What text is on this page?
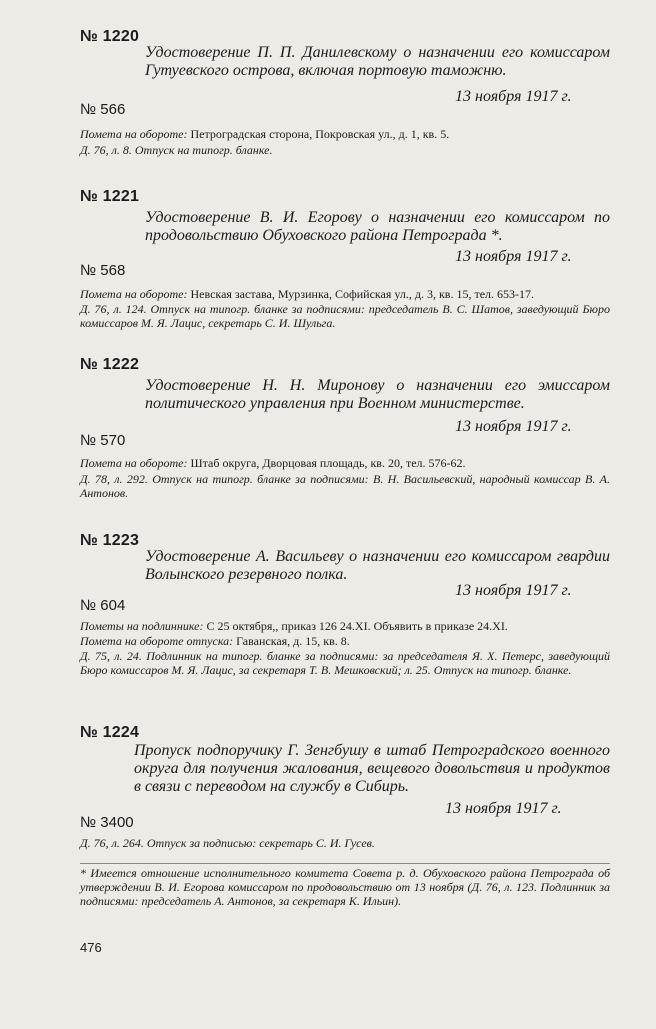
№ 1220
Удостоверение П. П. Данилевскому о назначении его комиссаром Гутуевского острова, включая портовую таможню.
13 ноября 1917 г.
№ 566
Помета на обороте: Петроградская сторона, Покровская ул., д. 1, кв. 5.
Д. 76, л. 8. Отпуск на типогр. бланке.
№ 1221
Удостоверение В. И. Егорову о назначении его комиссаром по продовольствию Обуховского района Петрограда *.
13 ноября 1917 г.
№ 568
Помета на обороте: Невская застава, Мурзинка, Софийская ул., д. 3, кв. 15, тел. 653-17.
Д. 76, л. 124. Отпуск на типогр. бланке за подписями: председатель В. С. Шатов, заведующий Бюро комиссаров М. Я. Лацис, секретарь С. И. Шульга.
№ 1222
Удостоверение Н. Н. Миронову о назначении его эмиссаром политического управления при Военном министерстве.
13 ноября 1917 г.
№ 570
Помета на обороте: Штаб округа, Дворцовая площадь, кв. 20, тел. 576-62.
Д. 78, л. 292. Отпуск на типогр. бланке за подписями: В. Н. Васильевский, народный комиссар В. А. Антонов.
№ 1223
Удостоверение А. Васильеву о назначении его комиссаром гвардии Волынского резервного полка.
13 ноября 1917 г.
№ 604
Пометы на подлиннике: С 25 октября,, приказ 126 24.XI. Объявить в приказе 24.XI.
Помета на обороте отпуска: Гаванская, д. 15, кв. 8.
Д. 75, л. 24. Подлинник на типогр. бланке за подписями: за председателя Я. Х. Петерс, заведующий Бюро комиссаров М. Я. Лацис, за секретаря Т. В. Мешковский; л. 25. Отпуск на типогр. бланке.
№ 1224
Пропуск подпоручику Г. Зенгбушу в штаб Петроградского военного округа для получения жалования, вещевого довольствия и продуктов в связи с переводом на службу в Сибирь.
13 ноября 1917 г.
№ 3400
Д. 76, л. 264. Отпуск за подписью: секретарь С. И. Гусев.
* Имеется отношение исполнительного комитета Совета р. д. Обуховского района Петрограда об утверждении В. И. Егорова комиссаром по продовольствию от 13 ноября (Д. 76, л. 123. Подлинник за подписями: председатель А. Антонов, за секретаря К. Ильин).
476
